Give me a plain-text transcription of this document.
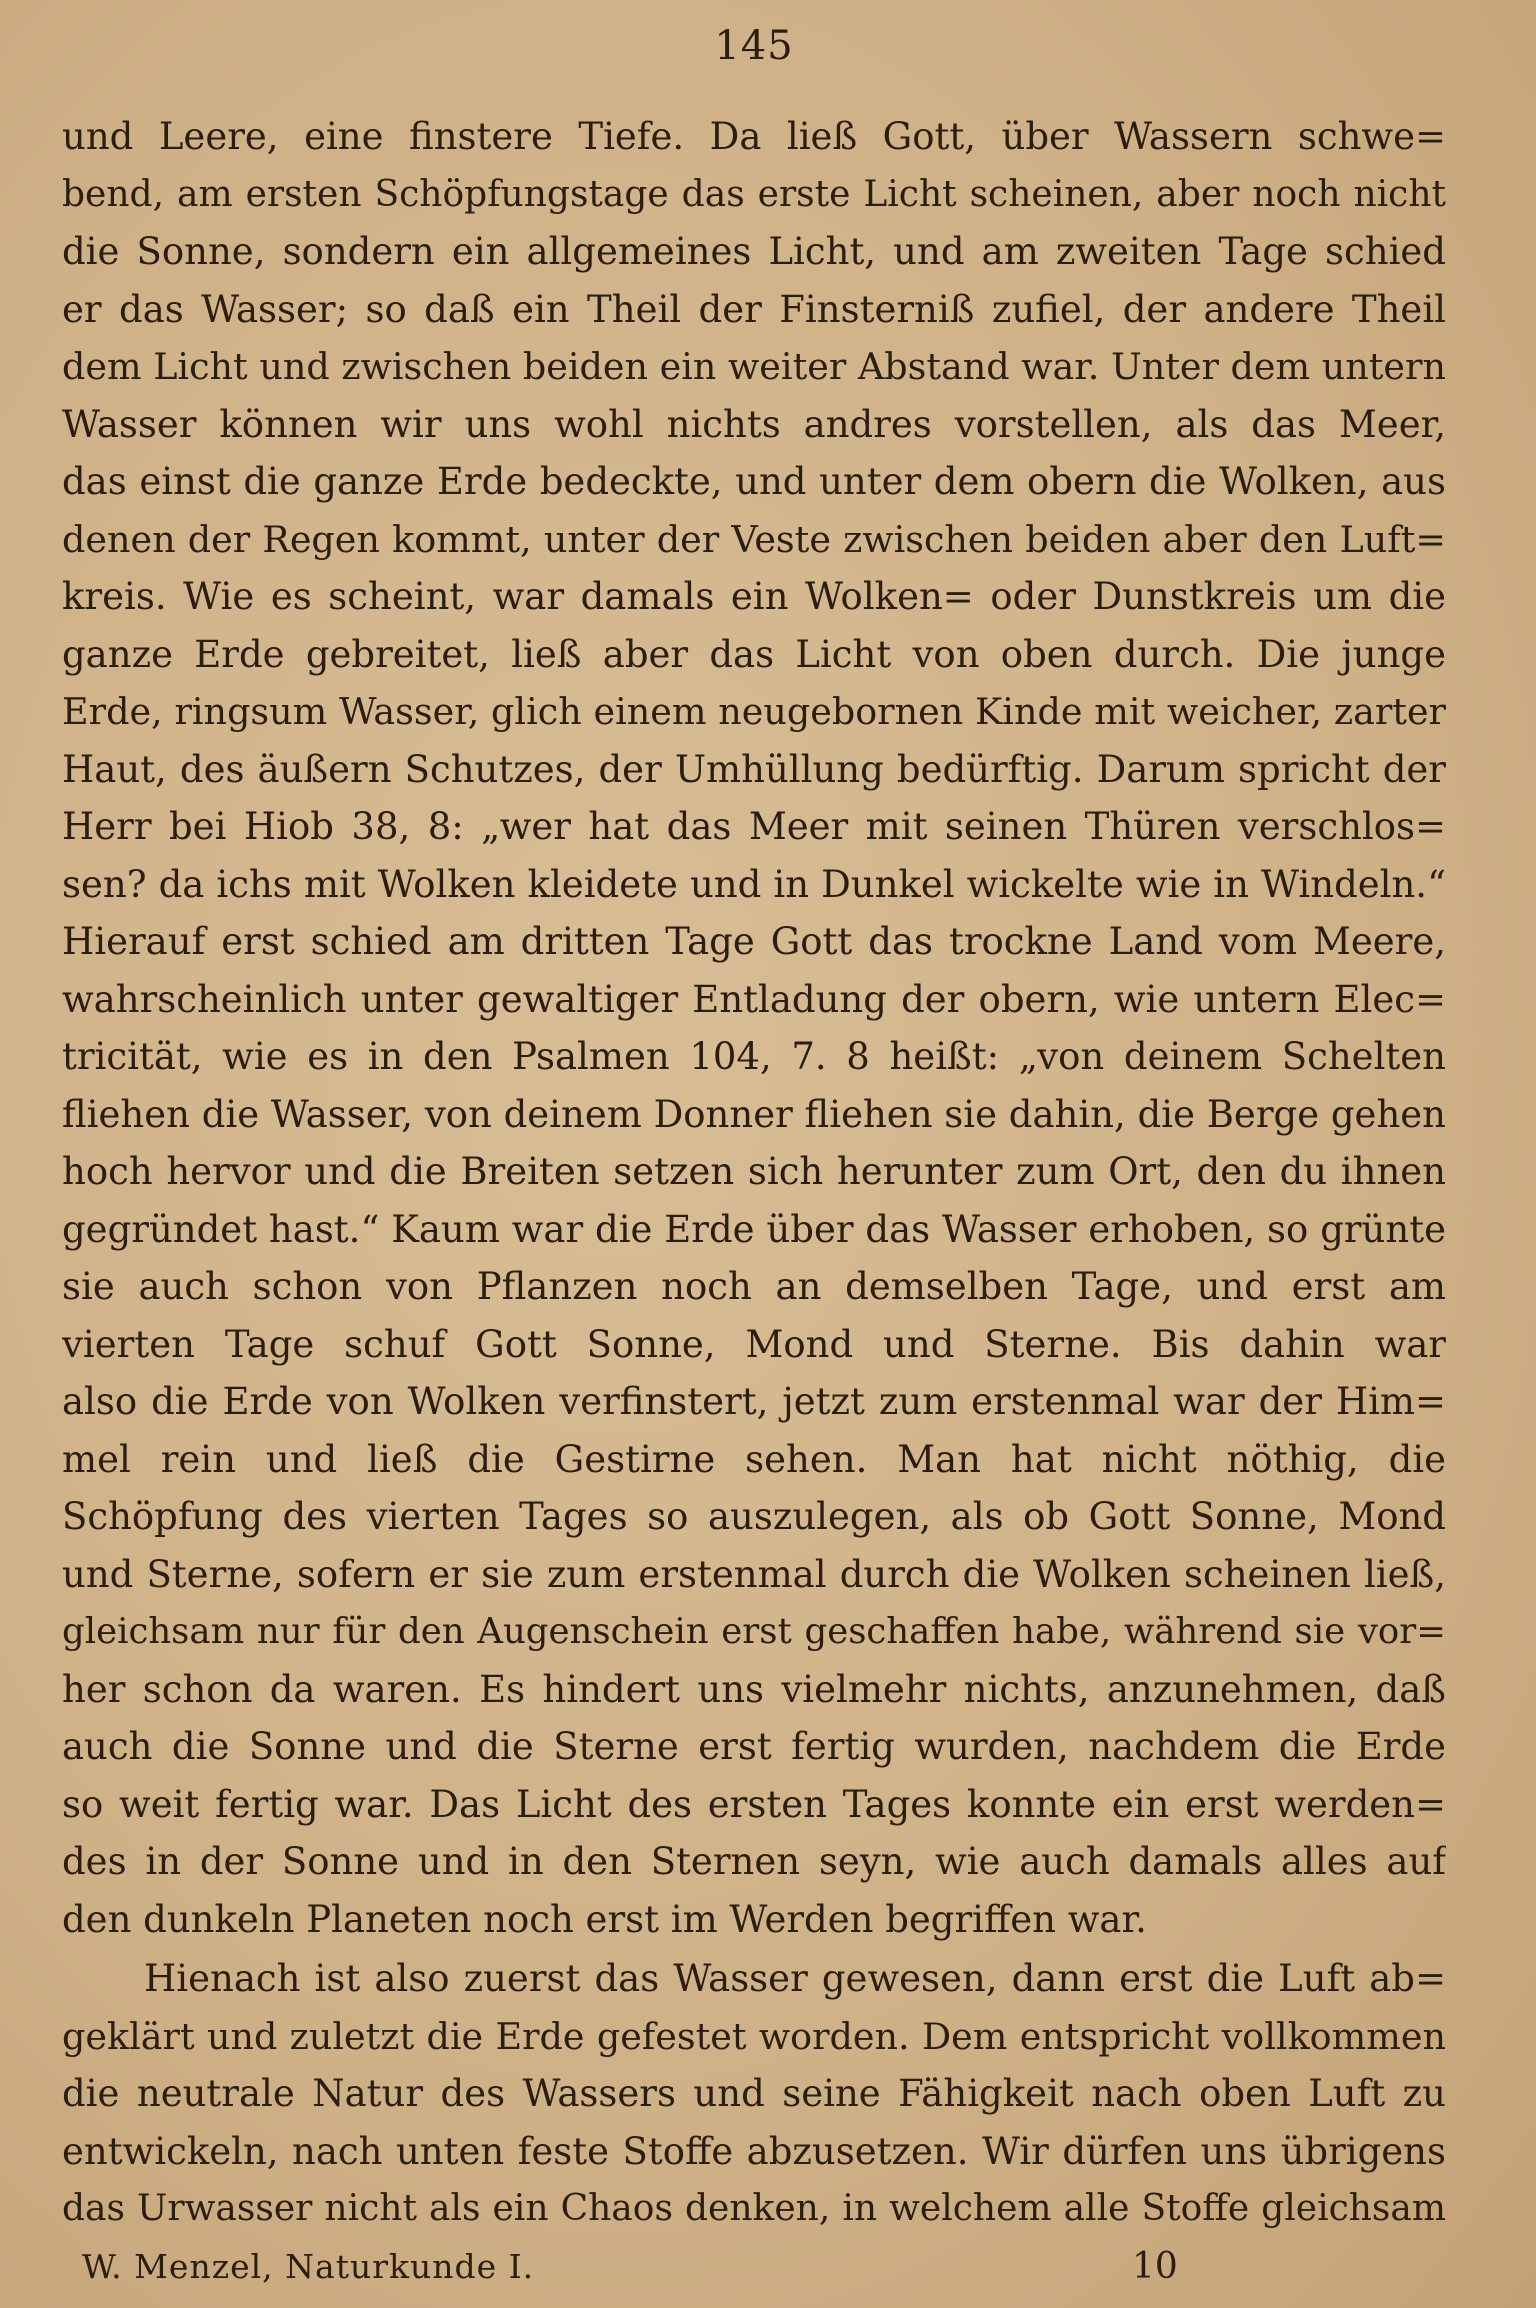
145
und Leere, eine finstere Tiefe. Da ließ Gott, über Wassern schwe=
bend, am ersten Schöpfungstage das erste Licht scheinen, aber noch nicht
die Sonne, sondern ein allgemeines Licht, und am zweiten Tage schied
er das Wasser; so daß ein Theil der Finsterniß zufiel, der andere Theil
dem Licht und zwischen beiden ein weiter Abstand war. Unter dem untern
Wasser können wir uns wohl nichts andres vorstellen, als das Meer,
das einst die ganze Erde bedeckte, und unter dem obern die Wolken, aus
denen der Regen kommt, unter der Veste zwischen beiden aber den Luft=
kreis. Wie es scheint, war damals ein Wolken= oder Dunstkreis um die
ganze Erde gebreitet, ließ aber das Licht von oben durch. Die junge
Erde, ringsum Wasser, glich einem neugebornen Kinde mit weicher, zarter
Haut, des äußern Schutzes, der Umhüllung bedürftig. Darum spricht der
Herr bei Hiob 38, 8: „wer hat das Meer mit seinen Thüren verschlos=
sen? da ichs mit Wolken kleidete und in Dunkel wickelte wie in Windeln.“
Hierauf erst schied am dritten Tage Gott das trockne Land vom Meere,
wahrscheinlich unter gewaltiger Entladung der obern, wie untern Elec=
tricität, wie es in den Psalmen 104, 7. 8 heißt: „von deinem Schelten
fliehen die Wasser, von deinem Donner fliehen sie dahin, die Berge gehen
hoch hervor und die Breiten setzen sich herunter zum Ort, den du ihnen
gegründet hast.“ Kaum war die Erde über das Wasser erhoben, so grünte
sie auch schon von Pflanzen noch an demselben Tage, und erst am
vierten Tage schuf Gott Sonne, Mond und Sterne. Bis dahin war
also die Erde von Wolken verfinstert, jetzt zum erstenmal war der Him=
mel rein und ließ die Gestirne sehen. Man hat nicht nöthig, die
Schöpfung des vierten Tages so auszulegen, als ob Gott Sonne, Mond
und Sterne, sofern er sie zum erstenmal durch die Wolken scheinen ließ,
gleichsam nur für den Augenschein erst geschaffen habe, während sie vor=
her schon da waren. Es hindert uns vielmehr nichts, anzunehmen, daß
auch die Sonne und die Sterne erst fertig wurden, nachdem die Erde
so weit fertig war. Das Licht des ersten Tages konnte ein erst werden=
des in der Sonne und in den Sternen seyn, wie auch damals alles auf
den dunkeln Planeten noch erst im Werden begriffen war.
Hienach ist also zuerst das Wasser gewesen, dann erst die Luft ab=
geklärt und zuletzt die Erde gefestet worden. Dem entspricht vollkommen
die neutrale Natur des Wassers und seine Fähigkeit nach oben Luft zu
entwickeln, nach unten feste Stoffe abzusetzen. Wir dürfen uns übrigens
das Urwasser nicht als ein Chaos denken, in welchem alle Stoffe gleichsam
W. Menzel, Naturkunde I.	10
